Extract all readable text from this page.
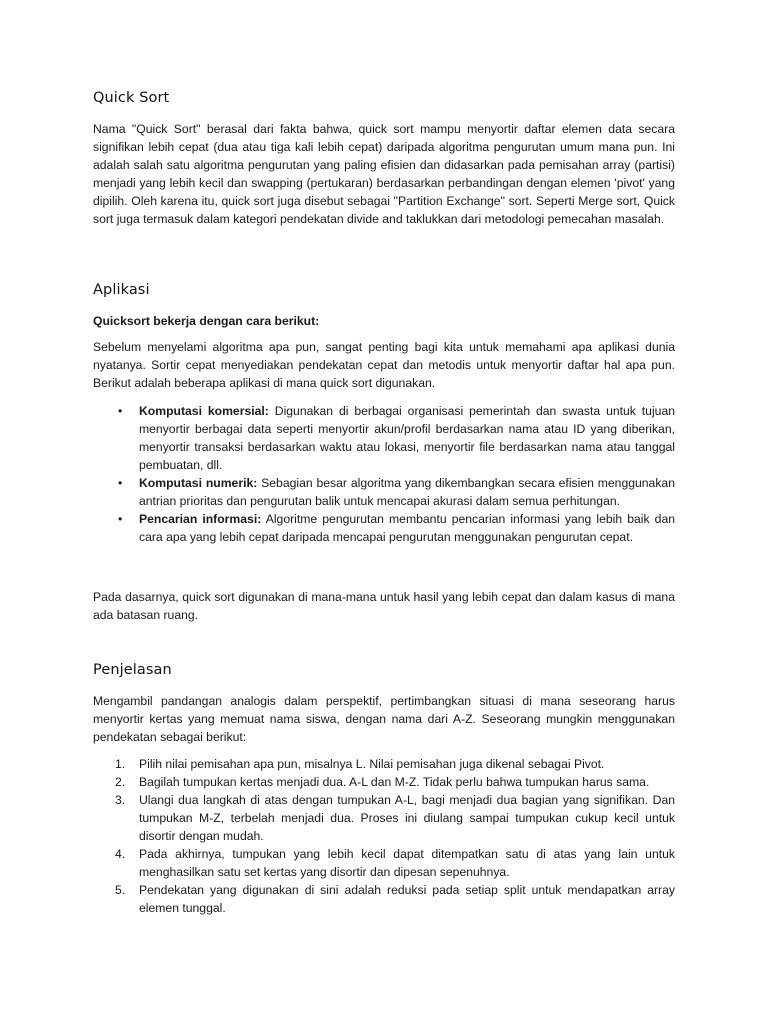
Quick Sort

Nama "Quick Sort" berasal dari fakta bahwa, quick sort mampu menyortir daftar elemen data secara signifikan lebih cepat (dua atau tiga kali lebih cepat) daripada algoritma pengurutan umum mana pun. Ini adalah salah satu algoritma pengurutan yang paling efisien dan didasarkan pada pemisahan array (partisi) menjadi yang lebih kecil dan swapping (pertukaran) berdasarkan perbandingan dengan elemen 'pivot' yang dipilih. Oleh karena itu, quick sort juga disebut sebagai "Partition Exchange" sort. Seperti Merge sort, Quick sort juga termasuk dalam kategori pendekatan divide and taklukkan dari metodologi pemecahan masalah.

Aplikasi

Quicksort bekerja dengan cara berikut:

Sebelum menyelami algoritma apa pun, sangat penting bagi kita untuk memahami apa aplikasi dunia nyatanya. Sortir cepat menyediakan pendekatan cepat dan metodis untuk menyortir daftar hal apa pun. Berikut adalah beberapa aplikasi di mana quick sort digunakan.

• Komputasi komersial: Digunakan di berbagai organisasi pemerintah dan swasta untuk tujuan menyortir berbagai data seperti menyortir akun/profil berdasarkan nama atau ID yang diberikan, menyortir transaksi berdasarkan waktu atau lokasi, menyortir file berdasarkan nama atau tanggal pembuatan, dll.
• Komputasi numerik: Sebagian besar algoritma yang dikembangkan secara efisien menggunakan antrian prioritas dan pengurutan balik untuk mencapai akurasi dalam semua perhitungan.
• Pencarian informasi: Algoritme pengurutan membantu pencarian informasi yang lebih baik dan cara apa yang lebih cepat daripada mencapai pengurutan menggunakan pengurutan cepat.

Pada dasarnya, quick sort digunakan di mana-mana untuk hasil yang lebih cepat dan dalam kasus di mana ada batasan ruang.

Penjelasan

Mengambil pandangan analogis dalam perspektif, pertimbangkan situasi di mana seseorang harus menyortir kertas yang memuat nama siswa, dengan nama dari A-Z. Seseorang mungkin menggunakan pendekatan sebagai berikut:

1. Pilih nilai pemisahan apa pun, misalnya L. Nilai pemisahan juga dikenal sebagai Pivot.
2. Bagilah tumpukan kertas menjadi dua. A-L dan M-Z. Tidak perlu bahwa tumpukan harus sama.
3. Ulangi dua langkah di atas dengan tumpukan A-L, bagi menjadi dua bagian yang signifikan. Dan tumpukan M-Z, terbelah menjadi dua. Proses ini diulang sampai tumpukan cukup kecil untuk disortir dengan mudah.
4. Pada akhirnya, tumpukan yang lebih kecil dapat ditempatkan satu di atas yang lain untuk menghasilkan satu set kertas yang disortir dan dipesan sepenuhnya.
5. Pendekatan yang digunakan di sini adalah reduksi pada setiap split untuk mendapatkan array elemen tunggal.
